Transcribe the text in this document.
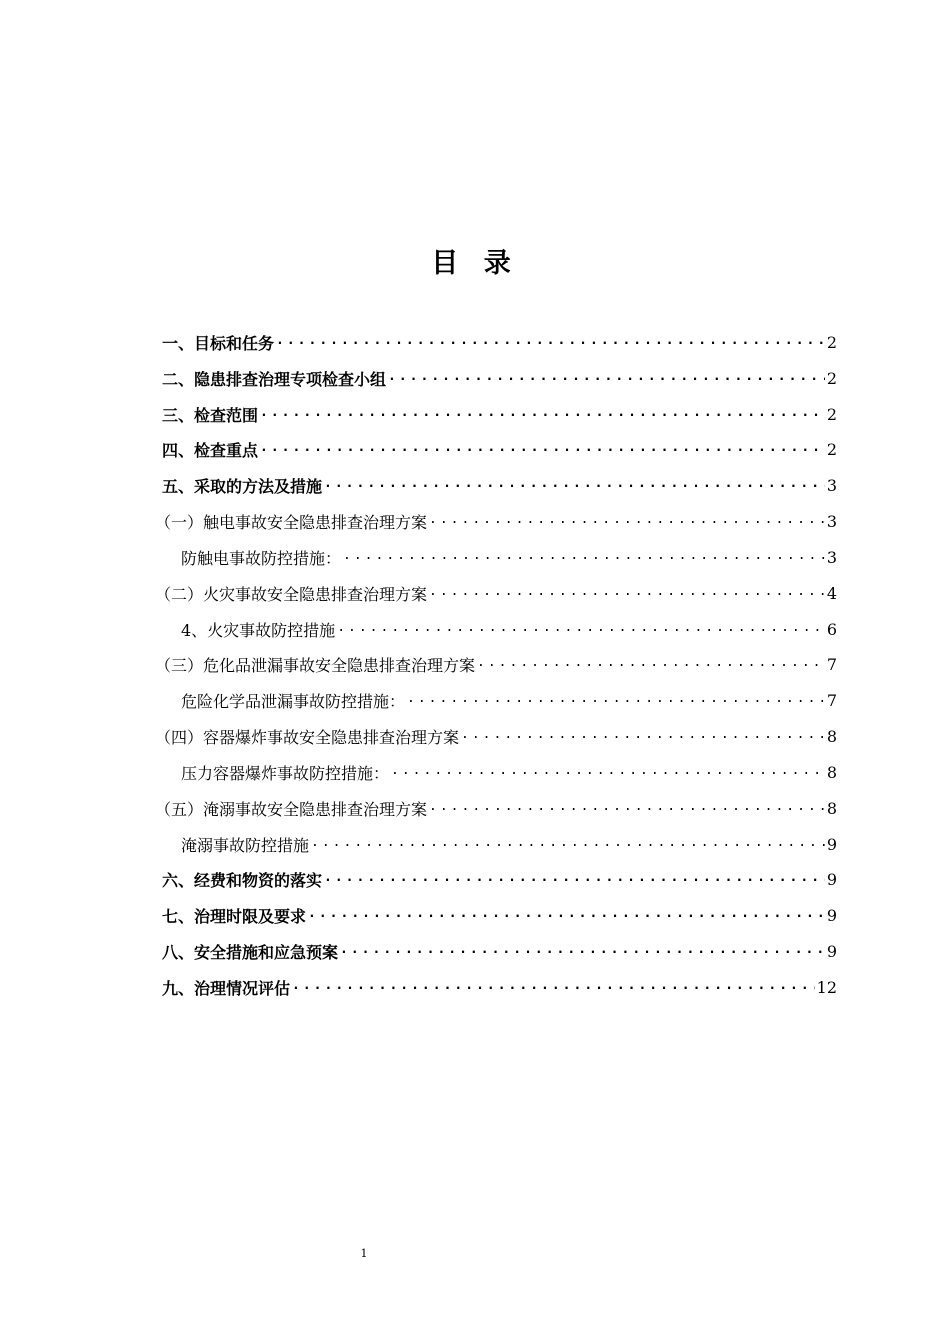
目 录
一、目标和任务 .....	2
二、隐患排查治理专项检查小组 .....	2
三、检查范围 .....	2
四、检查重点 .....	2
五、采取的方法及措施 .....	3
（一）触电事故安全隐患排查治理方案 .....	3
防触电事故防控措施： .....	3
（二）火灾事故安全隐患排查治理方案 .....	4
4、火灾事故防控措施 .....	6
（三）危化品泄漏事故安全隐患排查治理方案 .....	7
危险化学品泄漏事故防控措施： .....	7
（四）容器爆炸事故安全隐患排查治理方案 .....	8
压力容器爆炸事故防控措施： .....	8
（五）淹溺事故安全隐患排查治理方案 .....	8
淹溺事故防控措施 .....	9
六、经费和物资的落实 .....	9
七、治理时限及要求 .....	9
八、安全措施和应急预案 .....	9
九、治理情况评估 .....	12
1
